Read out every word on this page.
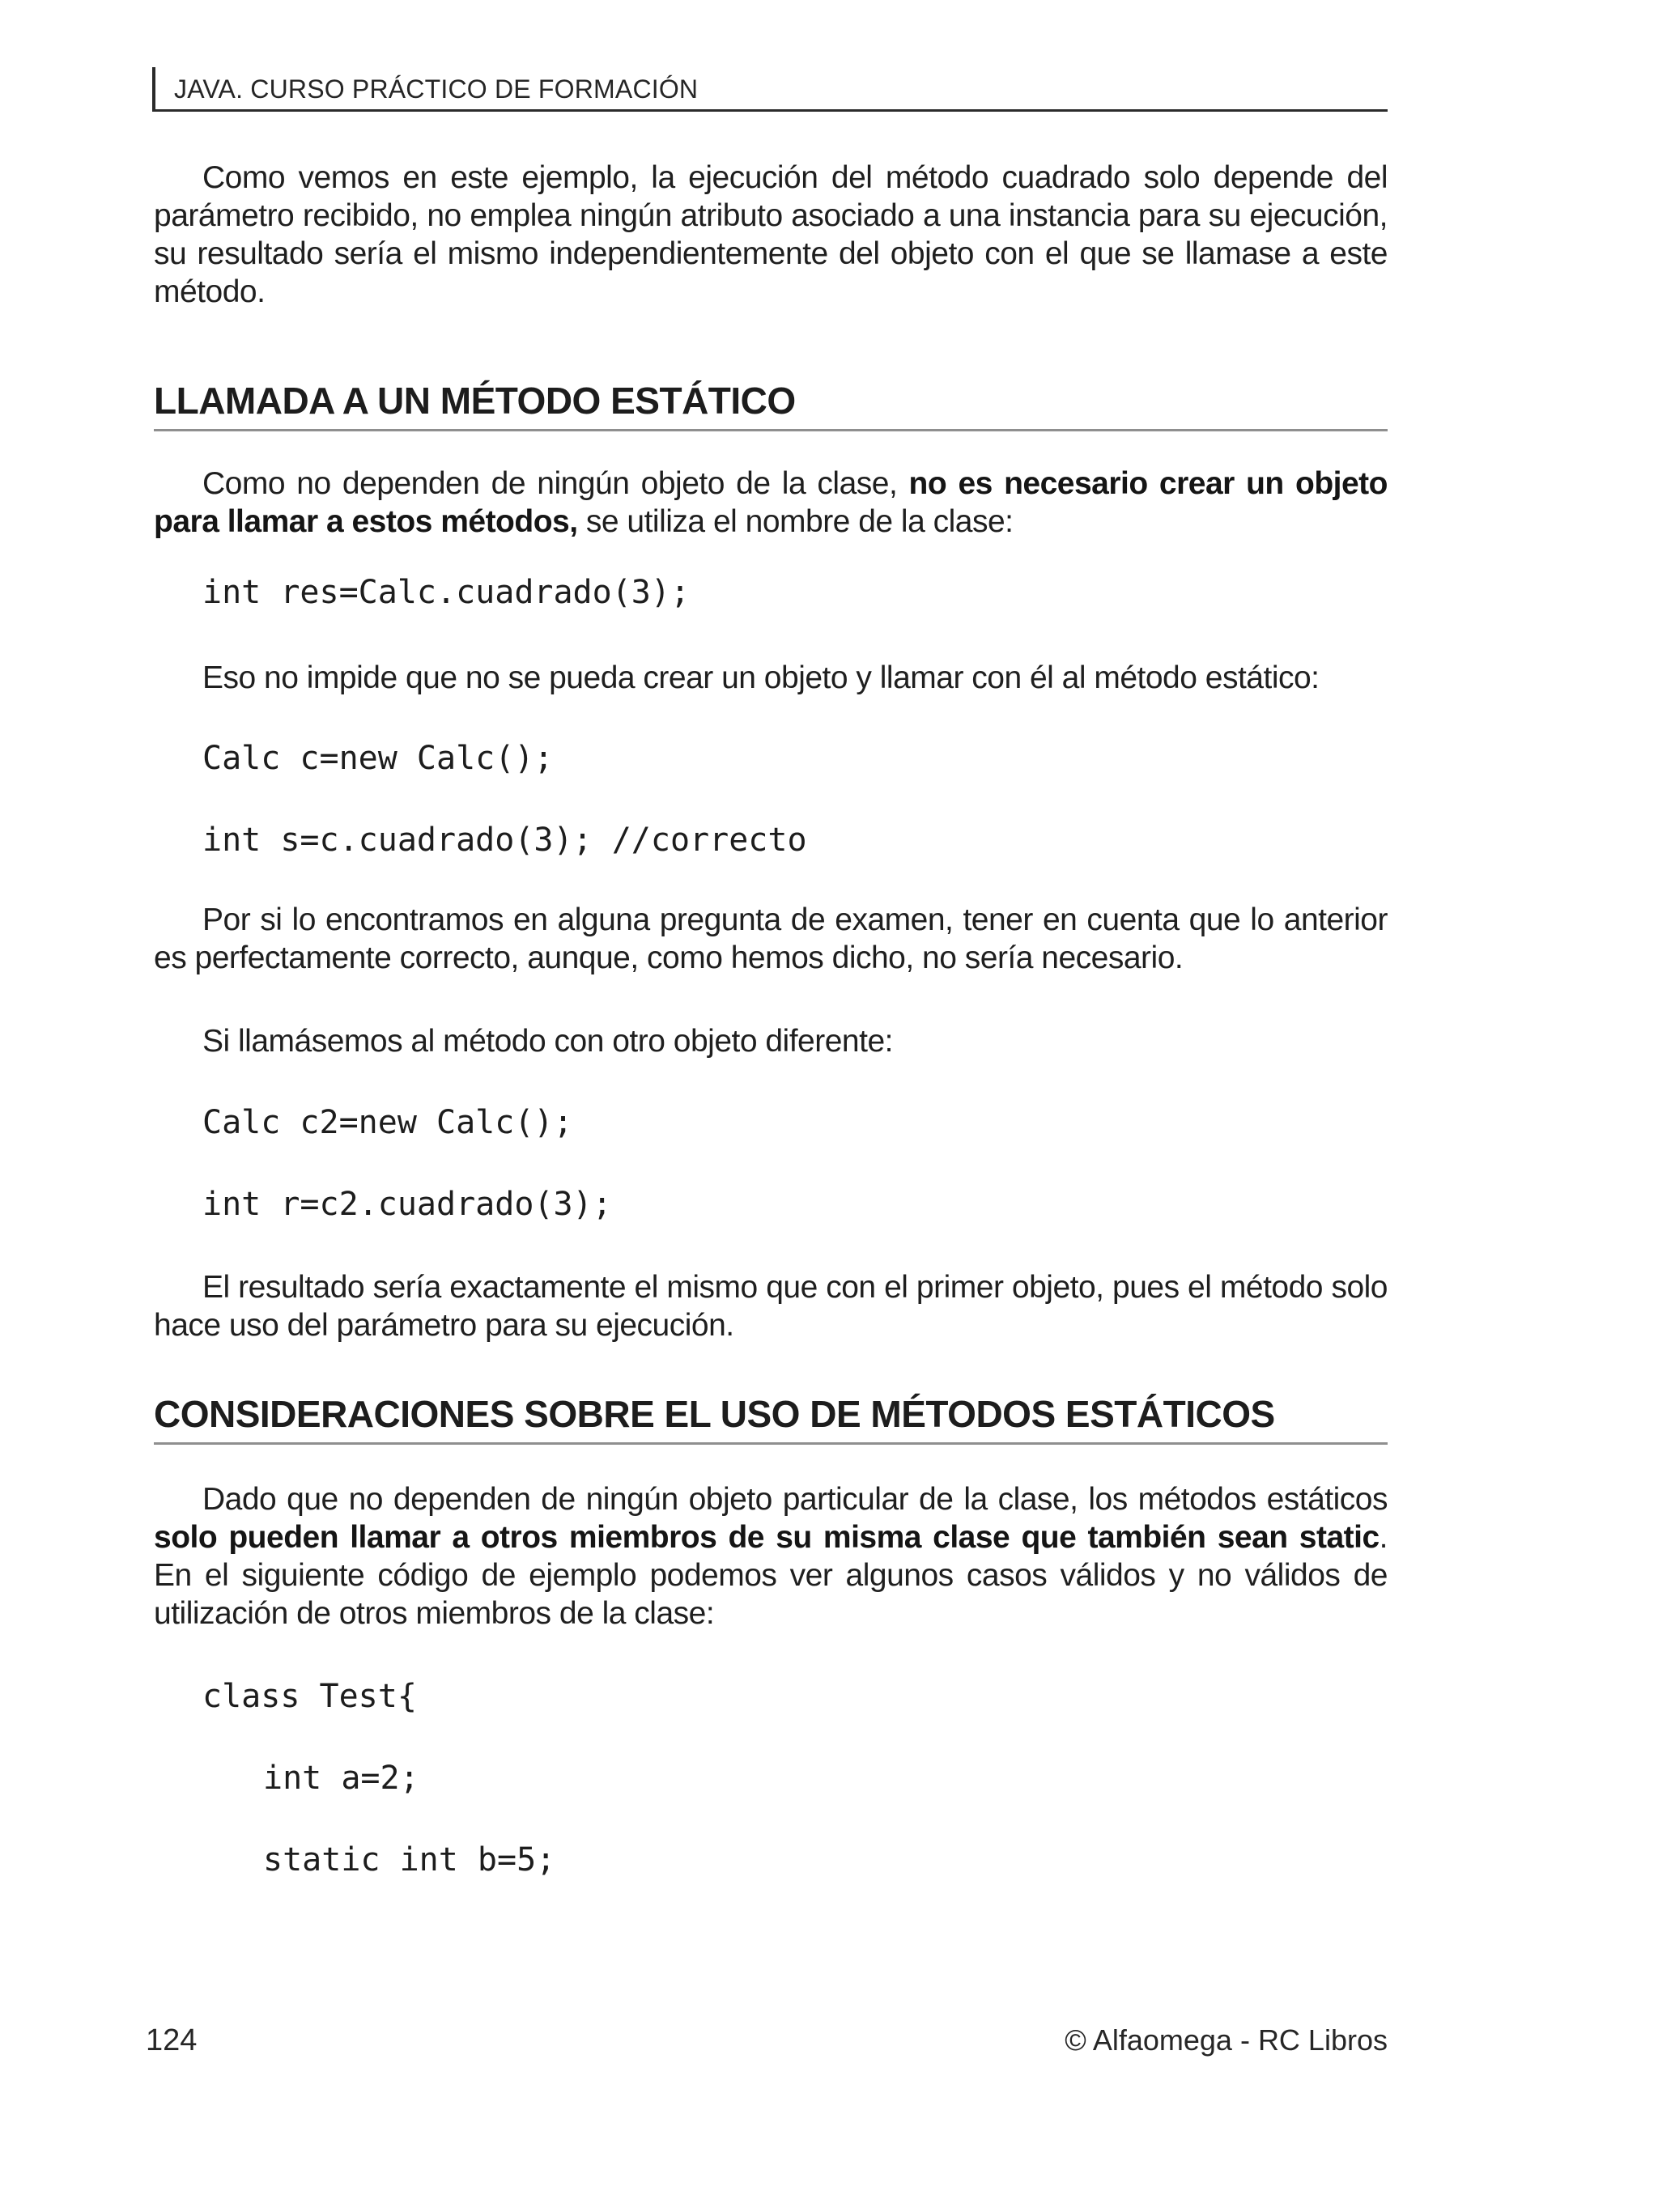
JAVA. CURSO PRÁCTICO DE FORMACIÓN

Como vemos en este ejemplo, la ejecución del método cuadrado solo depende del parámetro recibido, no emplea ningún atributo asociado a una instancia para su ejecución, su resultado sería el mismo independientemente del objeto con el que se llamase a este método.

LLAMADA A UN MÉTODO ESTÁTICO

Como no dependen de ningún objeto de la clase, no es necesario crear un objeto para llamar a estos métodos, se utiliza el nombre de la clase:

int res=Calc.cuadrado(3);

Eso no impide que no se pueda crear un objeto y llamar con él al método estático:

Calc c=new Calc();
int s=c.cuadrado(3); //correcto

Por si lo encontramos en alguna pregunta de examen, tener en cuenta que lo anterior es perfectamente correcto, aunque, como hemos dicho, no sería necesario.

Si llamásemos al método con otro objeto diferente:

Calc c2=new Calc();
int r=c2.cuadrado(3);

El resultado sería exactamente el mismo que con el primer objeto, pues el método solo hace uso del parámetro para su ejecución.

CONSIDERACIONES SOBRE EL USO DE MÉTODOS ESTÁTICOS

Dado que no dependen de ningún objeto particular de la clase, los métodos estáticos solo pueden llamar a otros miembros de su misma clase que también sean static. En el siguiente código de ejemplo podemos ver algunos casos válidos y no válidos de utilización de otros miembros de la clase:

class Test{
int a=2;
static int b=5;
124	© Alfaomega - RC Libros
